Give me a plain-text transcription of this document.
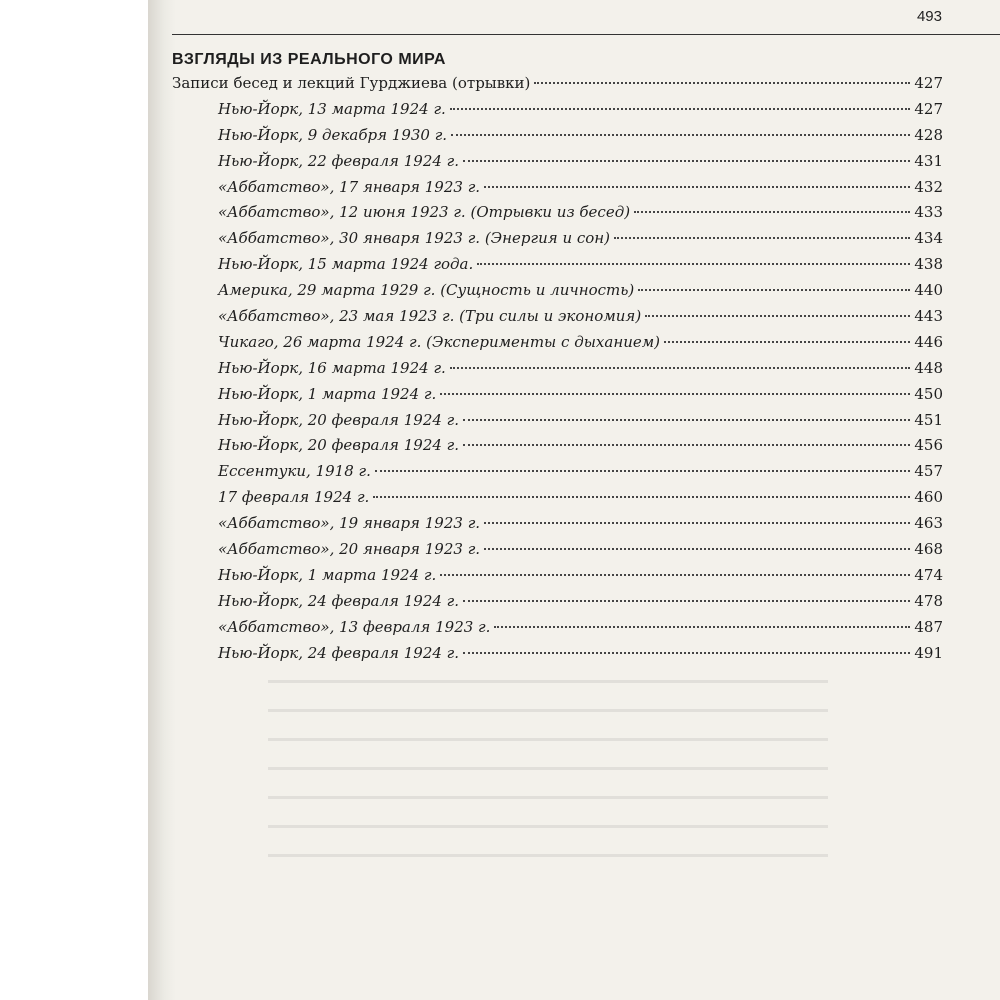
493
ВЗГЛЯДЫ ИЗ РЕАЛЬНОГО МИРА
Записи бесед и лекций Гурджиева (отрывки)	427
Нью-Йорк, 13 марта 1924 г.	427
Нью-Йорк, 9 декабря 1930 г.	428
Нью-Йорк, 22 февраля 1924 г.	431
«Аббатство», 17 января 1923 г.	432
«Аббатство», 12 июня 1923 г. (Отрывки из бесед)	433
«Аббатство», 30 января 1923 г. (Энергия и сон)	434
Нью-Йорк, 15 марта 1924 года.	438
Америка, 29 марта 1929 г. (Сущность и личность)	440
«Аббатство», 23 мая 1923 г. (Три силы и экономия)	443
Чикаго, 26 марта 1924 г. (Эксперименты с дыханием)	446
Нью-Йорк, 16 марта 1924 г.	448
Нью-Йорк, 1 марта 1924 г.	450
Нью-Йорк, 20 февраля 1924 г.	451
Нью-Йорк, 20 февраля 1924 г.	456
Ессентуки, 1918 г.	457
17 февраля 1924 г.	460
«Аббатство», 19 января 1923 г.	463
«Аббатство», 20 января 1923 г.	468
Нью-Йорк, 1 марта 1924 г.	474
Нью-Йорк, 24 февраля 1924 г.	478
«Аббатство», 13 февраля 1923 г.	487
Нью-Йорк, 24 февраля 1924 г.	491
